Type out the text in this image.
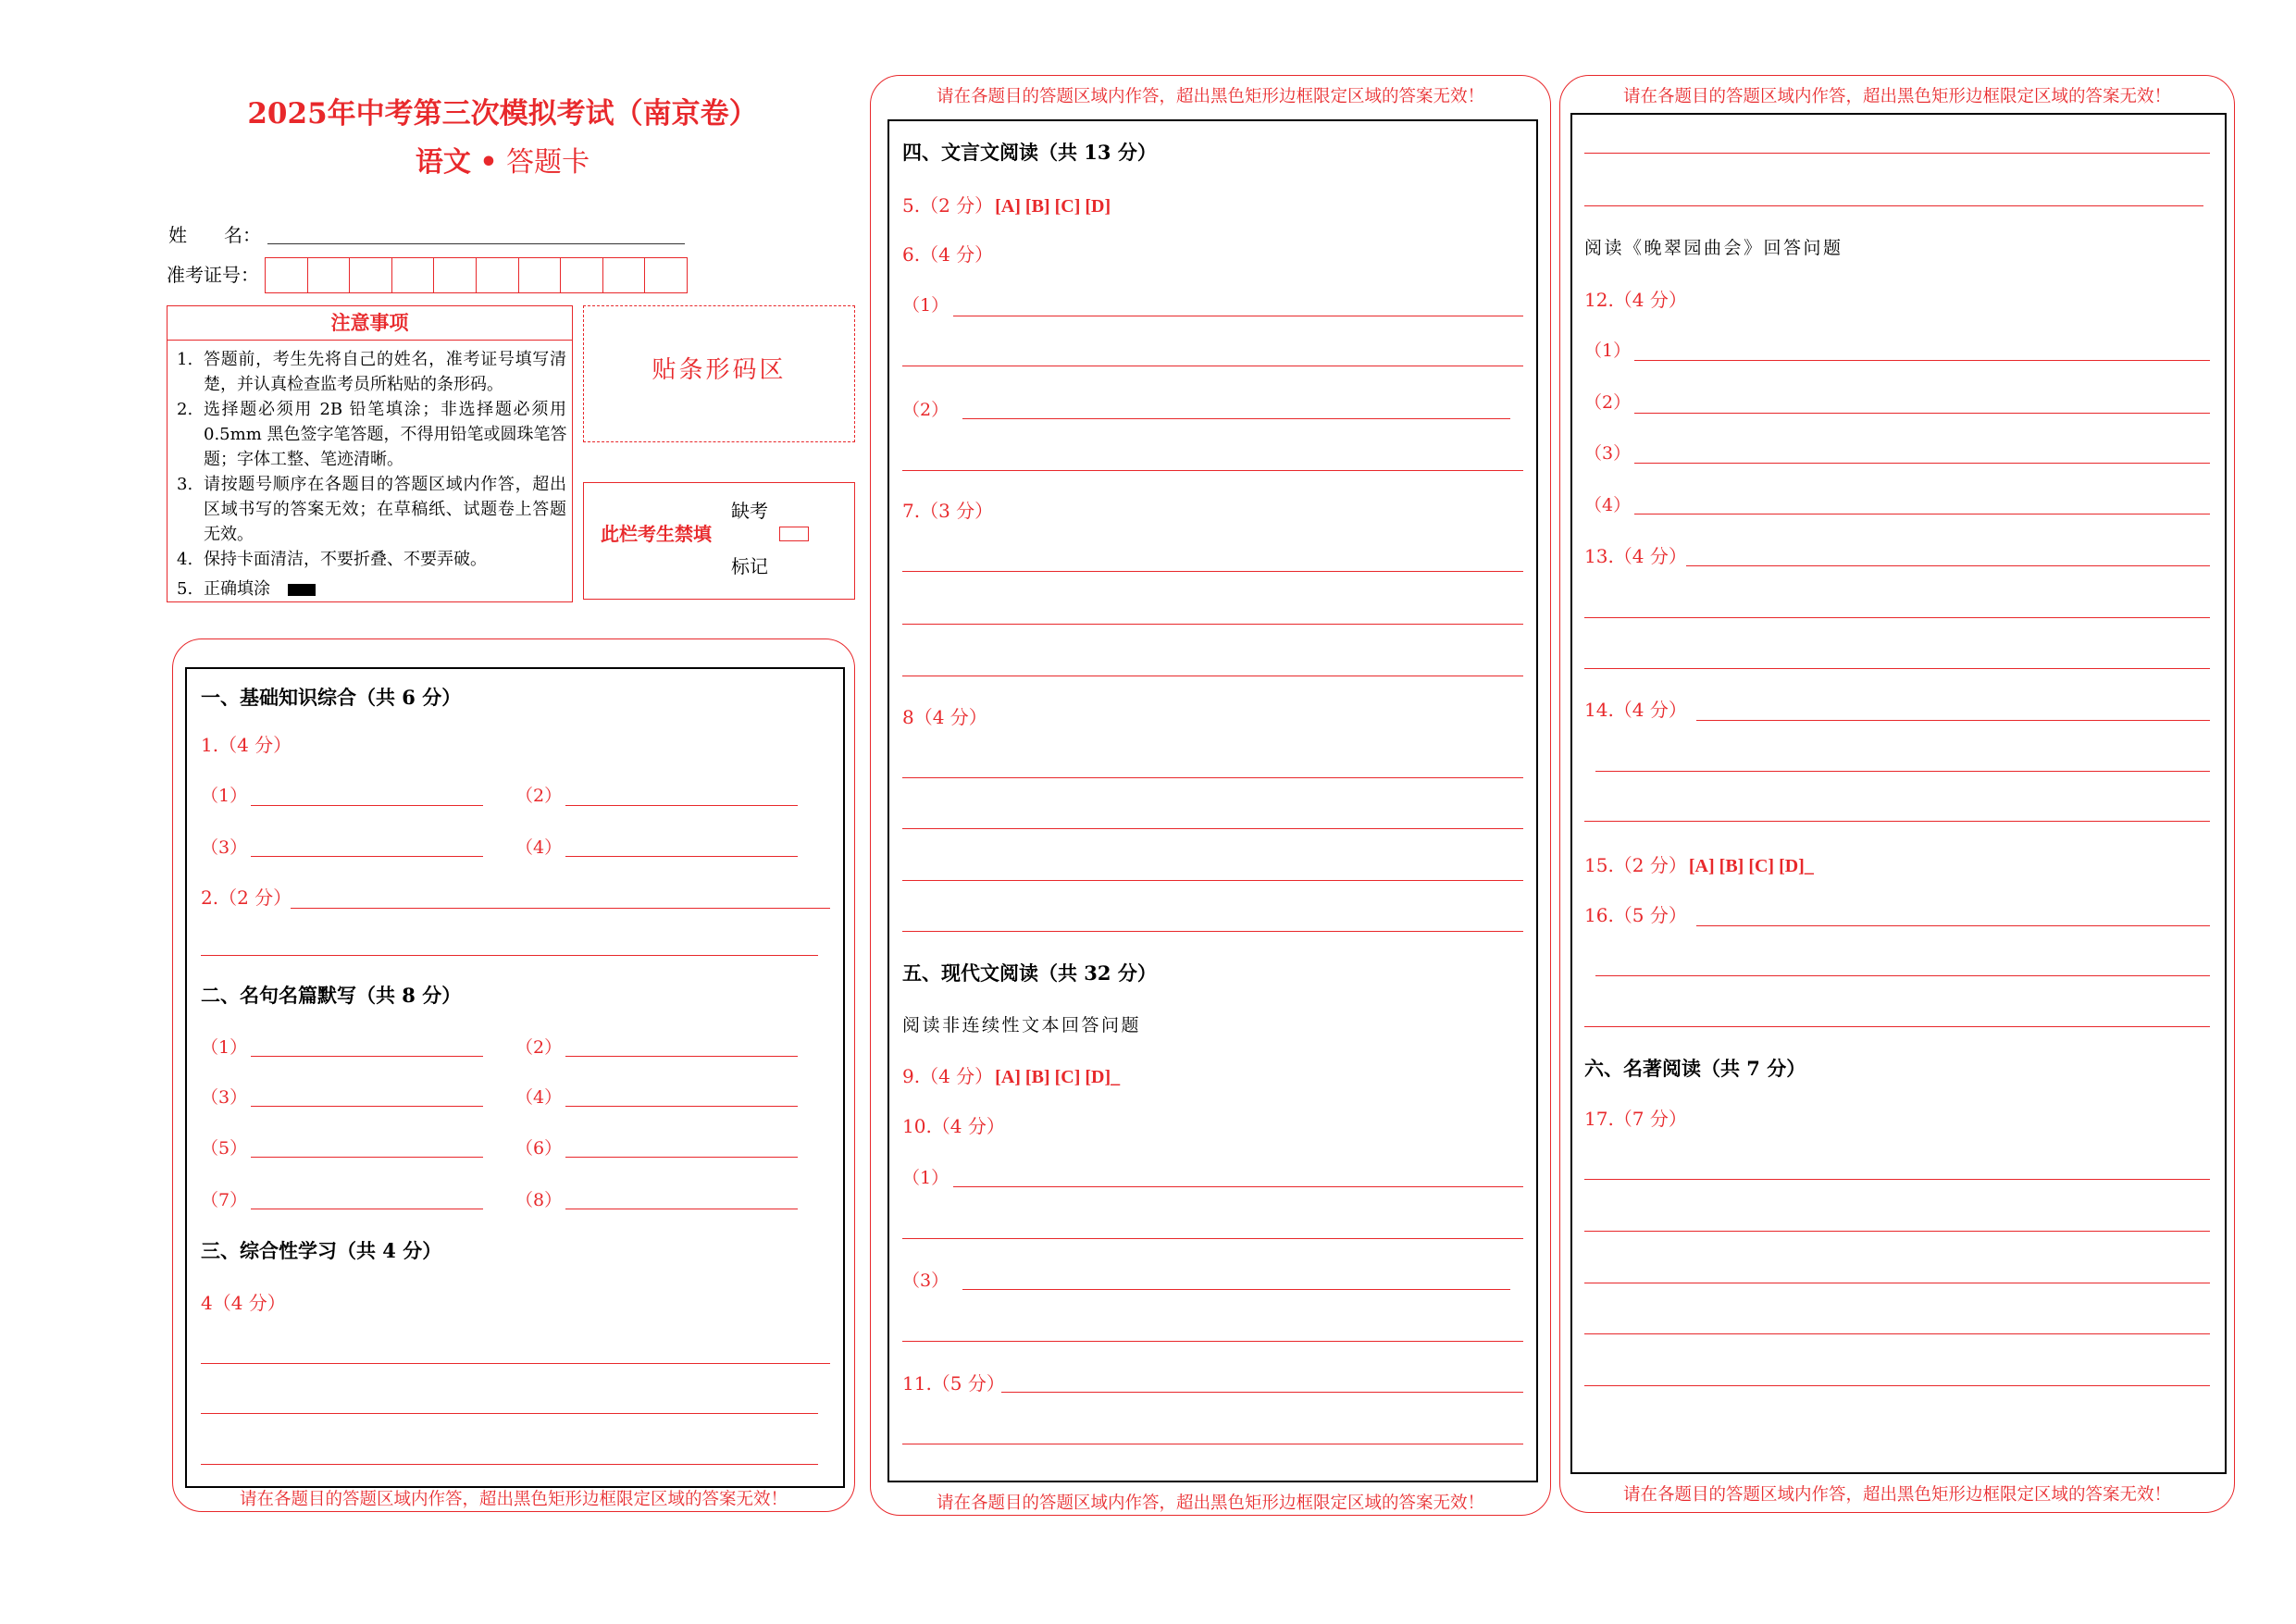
2025年中考第三次模拟考试（南京卷）
语文 • 答题卡
姓　　名：
准考证号：
注意事项
1. 答题前，考生先将自己的姓名，准考证号填写清
楚，并认真检查监考员所粘贴的条形码。
2. 选择题必须用 2B 铅笔填涂；非选择题必须用
0.5mm 黑色签字笔答题，不得用铅笔或圆珠笔答
题；字体工整、笔迹清晰。
3. 请按题号顺序在各题目的答题区域内作答，超出
区域书写的答案无效；在草稿纸、试题卷上答题
无效。
4. 保持卡面清洁，不要折叠、不要弄破。
5. 正确填涂
贴条形码区
此栏考生禁填
缺考
标记
请在各题目的答题区域内作答，超出黑色矩形边框限定区域的答案无效！
一、基础知识综合（共 6 分）
1.（4 分）
（1）	（2）
（3）	（4）
2.（2 分）
二、名句名篇默写（共 8 分）
（1）	（2）
（3）	（4）
（5）	（6）
（7）	（8）
三、综合性学习（共 4 分）
4（4 分）
请在各题目的答题区域内作答，超出黑色矩形边框限定区域的答案无效！
请在各题目的答题区域内作答，超出黑色矩形边框限定区域的答案无效！
四、文言文阅读（共 13 分）
5.（2 分） [A] [B] [C] [D]
6.（4 分）
（1）
（2）
7.（3 分）
8（4 分）
五、现代文阅读（共 32 分）
阅读非连续性文本回答问题
9.（4 分） [A] [B] [C] [D]_
10.（4 分）
（1）
（3）
11.（5 分）
请在各题目的答题区域内作答，超出黑色矩形边框限定区域的答案无效！
请在各题目的答题区域内作答，超出黑色矩形边框限定区域的答案无效！
阅读《晚翠园曲会》回答问题
12.（4 分）
（1）
（2）
（3）
（4）
13.（4 分）
14.（4 分）
15.（2 分） [A] [B] [C] [D]_
16.（5 分）
六、名著阅读（共 7 分）
17.（7 分）
